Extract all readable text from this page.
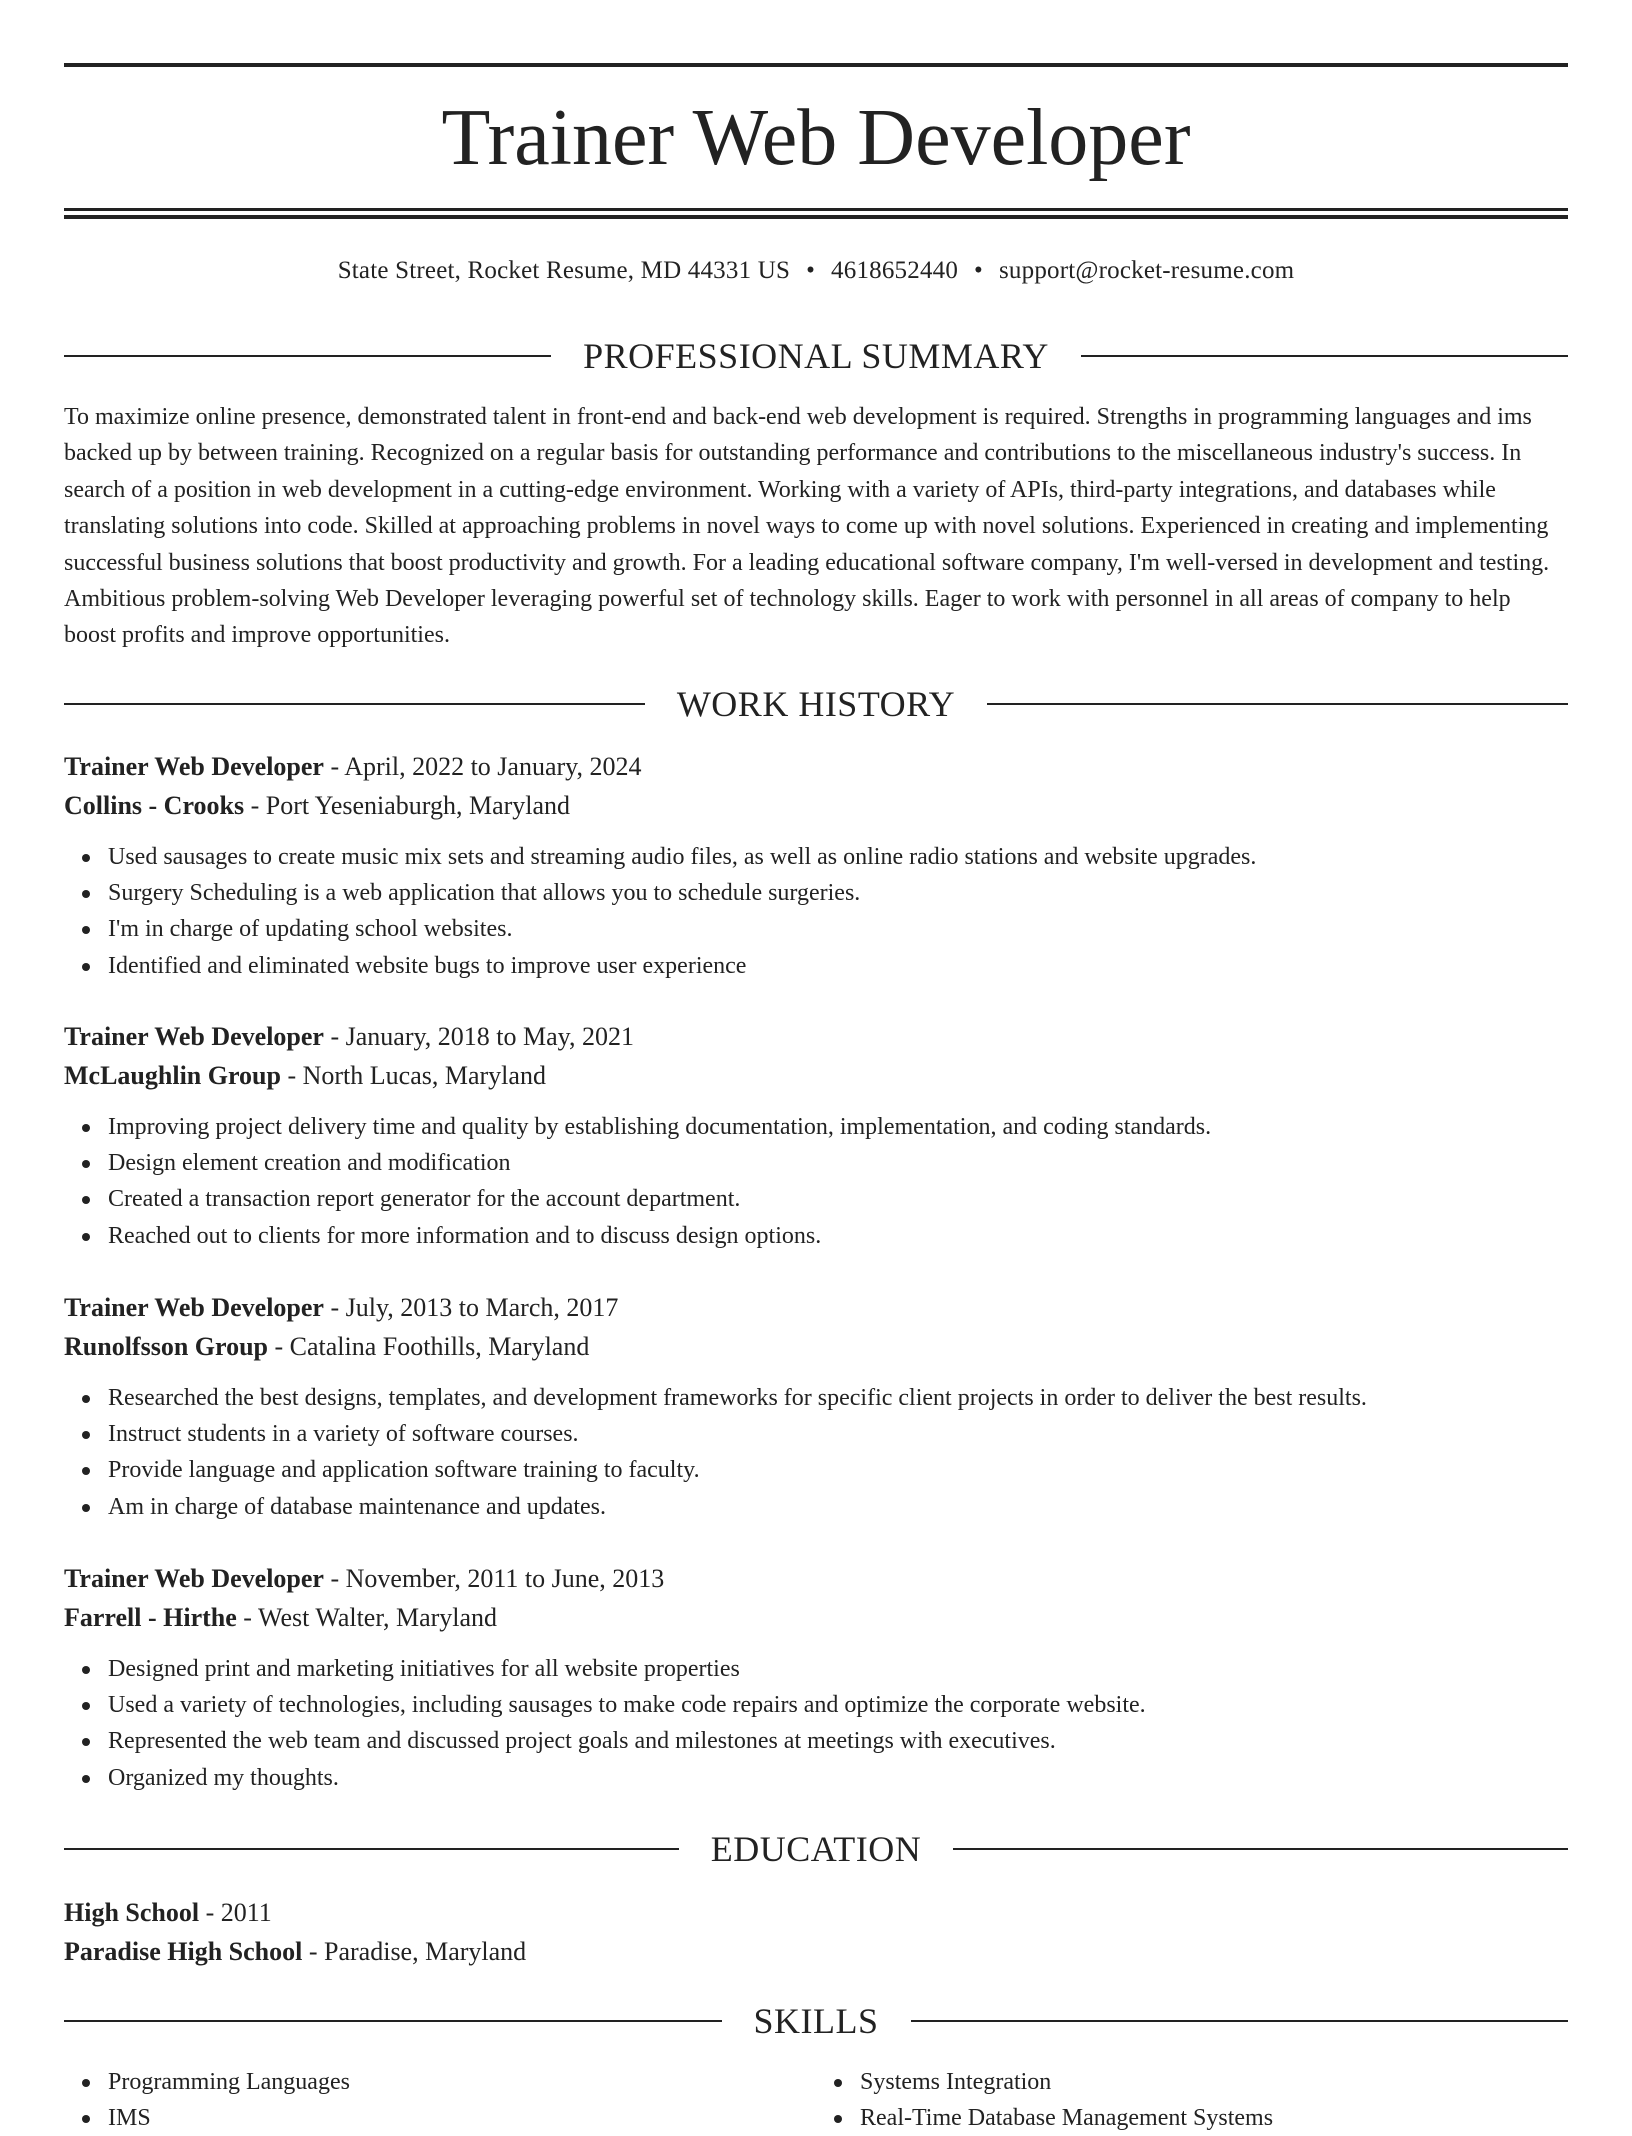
Trainer Web Developer
State Street, Rocket Resume, MD 44331 US • 4618652440 • support@rocket-resume.com
PROFESSIONAL SUMMARY

To maximize online presence, demonstrated talent in front-end and back-end web development is required. Strengths in programming languages and ims backed up by between training. Recognized on a regular basis for outstanding performance and contributions to the miscellaneous industry's success. In search of a position in web development in a cutting-edge environment. Working with a variety of APIs, third-party integrations, and databases while translating solutions into code. Skilled at approaching problems in novel ways to come up with novel solutions. Experienced in creating and implementing successful business solutions that boost productivity and growth. For a leading educational software company, I'm well-versed in development and testing. Ambitious problem-solving Web Developer leveraging powerful set of technology skills. Eager to work with personnel in all areas of company to help boost profits and improve opportunities.

WORK HISTORY
Trainer Web Developer - April, 2022 to January, 2024
Collins - Crooks - Port Yeseniaburgh, Maryland
Used sausages to create music mix sets and streaming audio files, as well as online radio stations and website upgrades.
Surgery Scheduling is a web application that allows you to schedule surgeries.
I'm in charge of updating school websites.
Identified and eliminated website bugs to improve user experience
Trainer Web Developer - January, 2018 to May, 2021
McLaughlin Group - North Lucas, Maryland
Improving project delivery time and quality by establishing documentation, implementation, and coding standards.
Design element creation and modification
Created a transaction report generator for the account department.
Reached out to clients for more information and to discuss design options.
Trainer Web Developer - July, 2013 to March, 2017
Runolfsson Group - Catalina Foothills, Maryland
Researched the best designs, templates, and development frameworks for specific client projects in order to deliver the best results.
Instruct students in a variety of software courses.
Provide language and application software training to faculty.
Am in charge of database maintenance and updates.
Trainer Web Developer - November, 2011 to June, 2013
Farrell - Hirthe - West Walter, Maryland
Designed print and marketing initiatives for all website properties
Used a variety of technologies, including sausages to make code repairs and optimize the corporate website.
Represented the web team and discussed project goals and milestones at meetings with executives.
Organized my thoughts.
EDUCATION
High School - 2011
Paradise High School - Paradise, Maryland
SKILLS
Programming Languages
IMS
Systems Integration
Real-Time Database Management Systems
